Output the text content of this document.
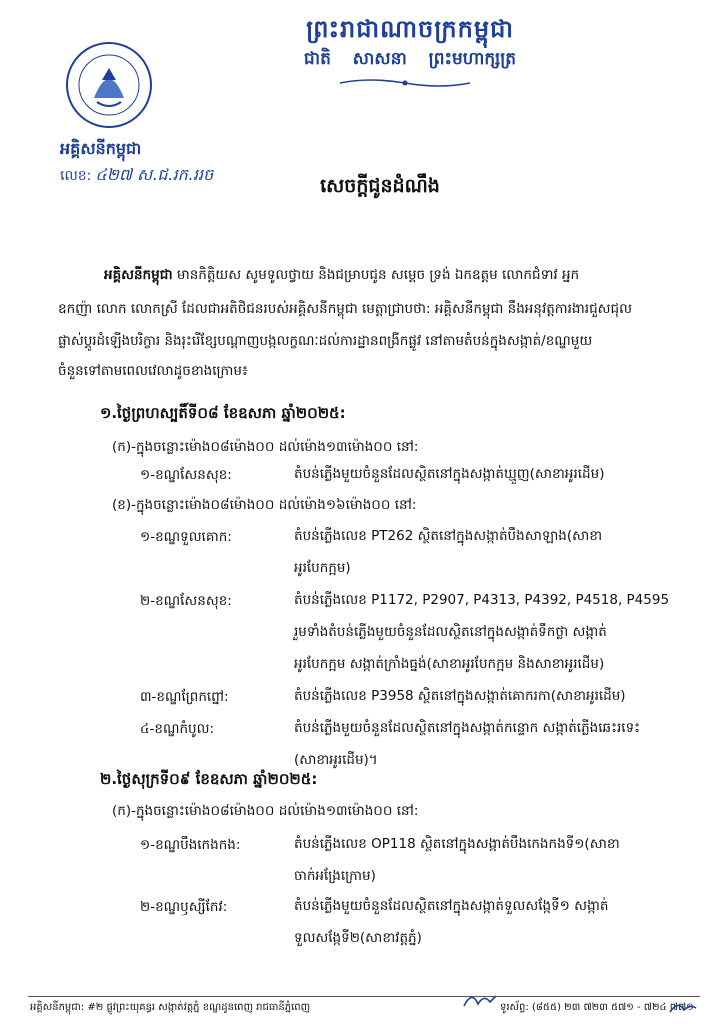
ព្រះរាជាណាចក្រកម្ពុជា
ជាតិ សាសនា ព្រះមហាក្សត្រ
អគ្គិសនីកម្ពុជា
លេខ: ៤២៧ ស.ជ.រក.ររច
សេចក្តីជូនដំណឹង
អគ្គិសនីកម្ពុជា មានកិត្តិយស សូមទូលថ្វាយ និងជម្រាបជូន សម្តេច ទ្រង់ ឯកឧត្តម លោកជំទាវ អ្នក
ឧកញ៉ា លោក លោកស្រី ដែលជាអតិថិជនរបស់អគ្គិសនីកម្ពុជា មេត្តាជ្រាបថា: អគ្គិសនីកម្ពុជា នឹងអនុវត្តការងារជួសជុល
ផ្លាស់ប្តូរដំឡើងបរិក្ខារ និងរុះរើខ្សែបណ្តាញបង្កលក្ខណៈដល់ការដ្ឋានពង្រីកផ្លូវ នៅតាមតំបន់ក្នុងសង្កាត់/ខណ្ឌមួយ
ចំនួនទៅតាមពេលវេលាដូចខាងក្រោម៖
១.ថ្ងៃព្រហស្បតិ៍ទី០៨ ខែឧសភា ឆ្នាំ២០២៥:
(ក)-ក្នុងចន្លោះម៉ោង០៨ម៉ោង០០ ដល់ម៉ោង១៣ម៉ោង០០ នៅ:
១-ខណ្ឌសែនសុខ:	តំបន់ភ្លើងមួយចំនួនដែលស្ថិតនៅក្នុងសង្កាត់ឃ្មួញ(សាខាអូរដើម)
(ខ)-ក្នុងចន្លោះម៉ោង០៨ម៉ោង០០ ដល់ម៉ោង១៦ម៉ោង០០ នៅ:
១-ខណ្ឌទួលគោក:	តំបន់ភ្លើងលេខ PT262 ស្ថិតនៅក្នុងសង្កាត់បឹងសាឡាង(សាខា
អូរបែកក្អម)
២-ខណ្ឌសែនសុខ:	តំបន់ភ្លើងលេខ P1172, P2907, P4313, P4392, P4518, P4595
រួមទាំងតំបន់ភ្លើងមួយចំនួនដែលស្ថិតនៅក្នុងសង្កាត់ទឹកថ្លា សង្កាត់
អូរបែកក្អម សង្កាត់ក្រាំងធ្នង់(សាខាអូរបែកក្អម និងសាខាអូរដើម)
៣-ខណ្ឌព្រែកព្នៅ:	តំបន់ភ្លើងលេខ P3958 ស្ថិតនៅក្នុងសង្កាត់គោករកា(សាខាអូរដើម)
៤-ខណ្ឌកំបូល:	តំបន់ភ្លើងមួយចំនួនដែលស្ថិតនៅក្នុងសង្កាត់កន្ទោក សង្កាត់ភ្លើងឆេះរទេះ
(សាខាអូរដើម)។
២.ថ្ងៃសុក្រទី០៩ ខែឧសភា ឆ្នាំ២០២៥:
(ក)-ក្នុងចន្លោះម៉ោង០៨ម៉ោង០០ ដល់ម៉ោង១៣ម៉ោង០០ នៅ:
១-ខណ្ឌបឹងកេងកង:	តំបន់ភ្លើងលេខ OP118 ស្ថិតនៅក្នុងសង្កាត់បឹងកេងកងទី១(សាខា
ចាក់អង្រែក្រោម)
២-ខណ្ឌឫស្សីកែវ:	តំបន់ភ្លើងមួយចំនួនដែលស្ថិតនៅក្នុងសង្កាត់ទួលសង្កែទី១ សង្កាត់
ទួលសង្កែទី២(សាខាវត្តភ្នំ)
អគ្គិសនីកម្ពុជា: #២ ផ្លូវព្រះយុគន្ធរ សង្កាត់វត្តភ្នំ ខណ្ឌដូនពេញ រាជធានីភ្នំពេញ	ទូរស័ព្ទ: (៨៥៥) ២៣ ៧២៣ ៥៧១ - ៧២៤ ៧៧១
